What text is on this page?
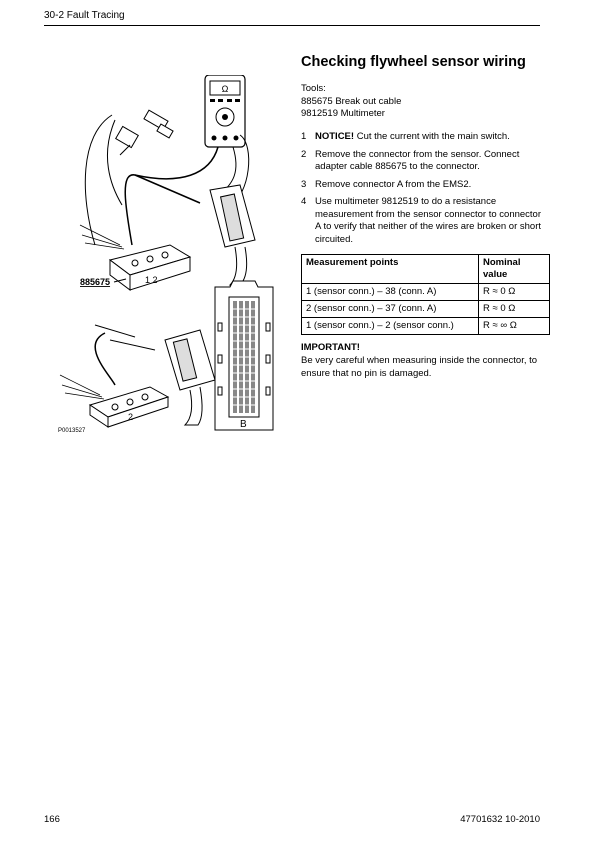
30-2 Fault Tracing
Ω
1 2
885675
2
B
P0013527
Checking flywheel sensor wiring
Tools:
885675 Break out cable
9812519 Multimeter
1 NOTICE! Cut the current with the main switch.
2 Remove the connector from the sensor. Connect adapter cable 885675 to the connector.
3 Remove connector A from the EMS2.
4 Use multimeter 9812519 to do a resistance measurement from the sensor connector to connector A to verify that neither of the wires are broken or short circuited.
Measurement points	Nominal value
1 (sensor conn.) – 38 (conn. A)	R ≈ 0 Ω
2 (sensor conn.) – 37 (conn. A)	R ≈ 0 Ω
1 (sensor conn.) – 2 (sensor conn.)	R ≈ ∞ Ω
IMPORTANT!
Be very careful when measuring inside the connector, to ensure that no pin is damaged.
166	47701632 10-2010
